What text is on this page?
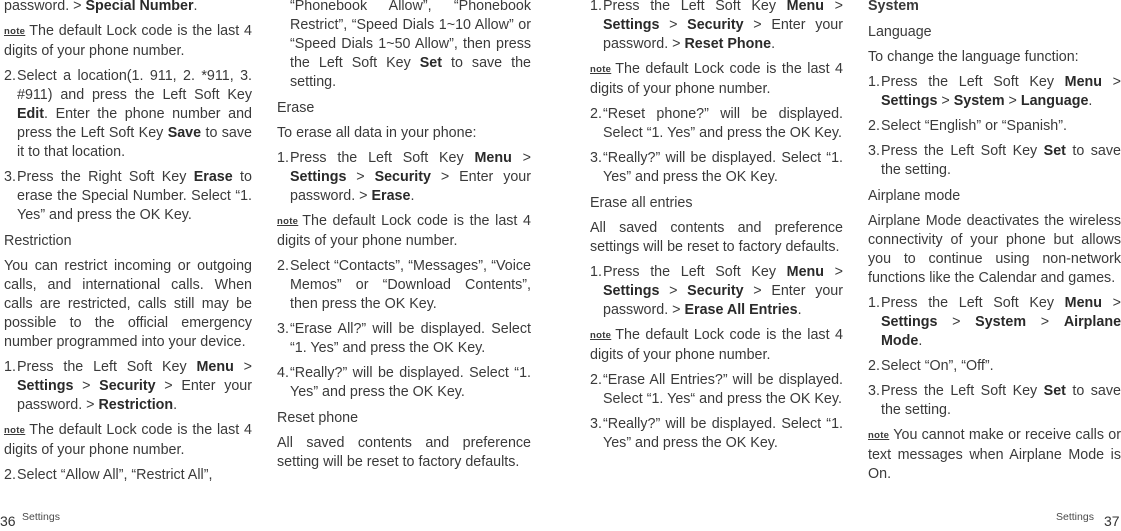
password. > Special Number.

note The default Lock code is the last 4 digits of your phone number.

2. Select a location(1. 911, 2. *911, 3. #911) and press the Left Soft Key Edit. Enter the phone number and press the Left Soft Key Save to save it to that location.
3. Press the Right Soft Key Erase to erase the Special Number. Select “1. Yes” and press the OK Key.

Restriction

You can restrict incoming or outgoing calls, and international calls. When calls are restricted, calls still may be possible to the official emergency number programmed into your device.

1. Press the Left Soft Key Menu > Settings > Security > Enter your password. > Restriction.

note The default Lock code is the last 4 digits of your phone number.

2. Select “Allow All”, “Restrict All”,

“Phonebook Allow”, “Phonebook Restrict”, “Speed Dials 1~10 Allow” or “Speed Dials 1~50 Allow”, then press the Left Soft Key Set to save the setting.

Erase

To erase all data in your phone:

1. Press the Left Soft Key Menu > Settings > Security > Enter your password. > Erase.

note The default Lock code is the last 4 digits of your phone number.

2. Select “Contacts”, “Messages”, “Voice Memos” or “Download Contents”, then press the OK Key.
3. “Erase All?” will be displayed. Select “1. Yes” and press the OK Key.
4. “Really?” will be displayed. Select “1. Yes” and press the OK Key.

Reset phone

All saved contents and preference setting will be reset to factory defaults.

1. Press the Left Soft Key Menu > Settings > Security > Enter your password. > Reset Phone.

note The default Lock code is the last 4 digits of your phone number.

2. “Reset phone?” will be displayed. Select “1. Yes” and press the OK Key.
3. “Really?” will be displayed. Select “1. Yes” and press the OK Key.

Erase all entries

All saved contents and preference settings will be reset to factory defaults.

1. Press the Left Soft Key Menu > Settings > Security > Enter your password. > Erase All Entries.

note The default Lock code is the last 4 digits of your phone number.

2. “Erase All Entries?” will be displayed. Select “1. Yes“ and press the OK Key.
3. “Really?” will be displayed. Select “1. Yes” and press the OK Key.

System

Language

To change the language function:

1. Press the Left Soft Key Menu > Settings > System > Language.
2. Select “English” or “Spanish”.
3. Press the Left Soft Key Set to save the setting.

Airplane mode

Airplane Mode deactivates the wireless connectivity of your phone but allows you to continue using non-network functions like the Calendar and games.

1. Press the Left Soft Key Menu > Settings > System > Airplane Mode.
2. Select “On”, “Off”.
3. Press the Left Soft Key Set to save the setting.

note You cannot make or receive calls or text messages when Airplane Mode is On.

36 Settings	Settings 37
